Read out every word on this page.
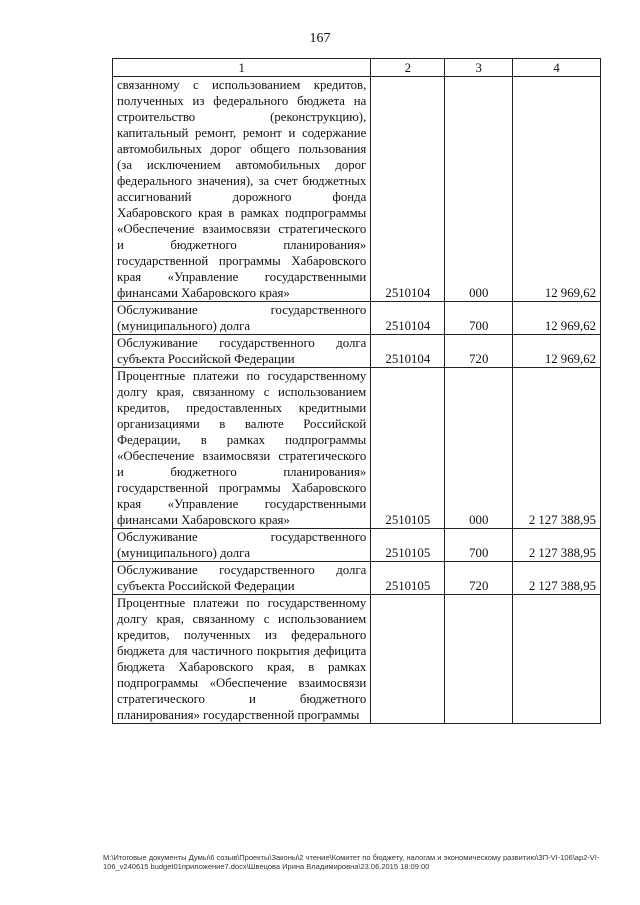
167
1	2	3	4
связанному с использованием кредитов, полученных из федерального бюджета на строительство (реконструкцию), капитальный ремонт, ремонт и содержание автомобильных дорог общего пользования (за исключением автомобильных дорог федерального значения), за счет бюджетных ассигнований дорожного фонда Хабаровского края в рамках подпрограммы «Обеспечение взаимосвязи стратегического и бюджетного планирования» государственной программы Хабаровского края «Управление государственными финансами Хабаровского края»	2510104	000	12 969,62
Обслуживание государственного (муниципального) долга	2510104	700	12 969,62
Обслуживание государственного долга субъекта Российской Федерации	2510104	720	12 969,62
Процентные платежи по государственному долгу края, связанному с использованием кредитов, предоставленных кредитными организациями в валюте Российской Федерации, в рамках подпрограммы «Обеспечение взаимосвязи стратегического и бюджетного планирования» государственной программы Хабаровского края «Управление государственными финансами Хабаровского края»	2510105	000	2 127 388,95
Обслуживание государственного (муниципального) долга	2510105	700	2 127 388,95
Обслуживание государственного долга субъекта Российской Федерации	2510105	720	2 127 388,95
Процентные платежи по государственному долгу края, связанному с использованием кредитов, полученных из федерального бюджета для частичного покрытия дефицита бюджета Хабаровского края, в рамках подпрограммы «Обеспечение взаимосвязи стратегического и бюджетного планирования» государственной программы			
M:\Итоговые документы Думы\6 созыв\Проекты\Законы\2 чтение\Комитет по бюджету, налогам и экономическому развитию\ЗП-VI-106\ap2-VI-
106_v240615 budget01приложение7.docx\Швецова Ирина Владимировна\23.06.2015 18:09:00
